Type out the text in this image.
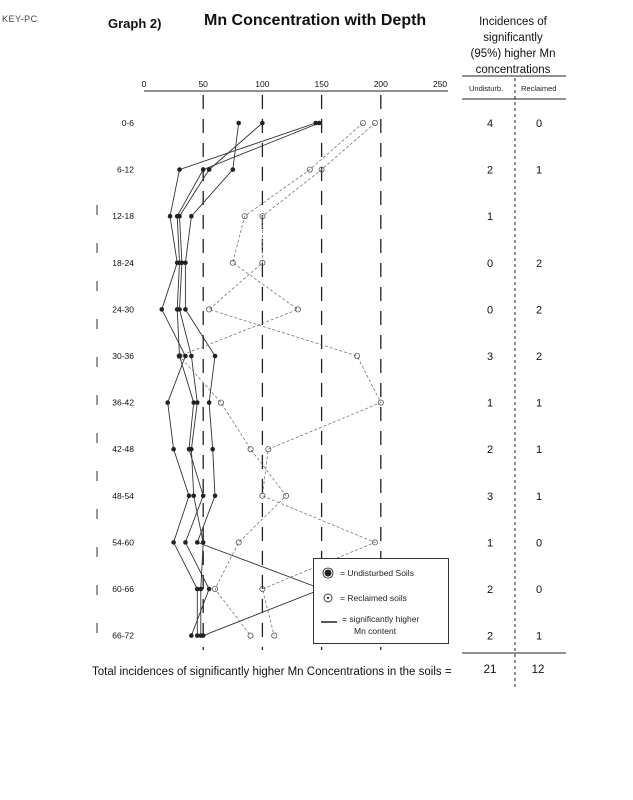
KEY-PC	Graph 2)	Mn Concentration with Depth	Incidences of
significantly
(95%) higher Mn
concentrations
Undisturb. Reclaimed
0	50	100	150	200	250
0-6
6-12
12-18
18-24
24-30
30-36
36-42
42-48
48-54
54-60
60-66
66-72
4	0
2	1
1
0	2
0	2
3	2
1	1
2	1
3	1
1	0
2	0
2	1
= Undisturbed Soils
= Reclaimed soils
= significantly higher
Mn content
Total incidences of significantly higher Mn Concentrations in the soils =	21	12
